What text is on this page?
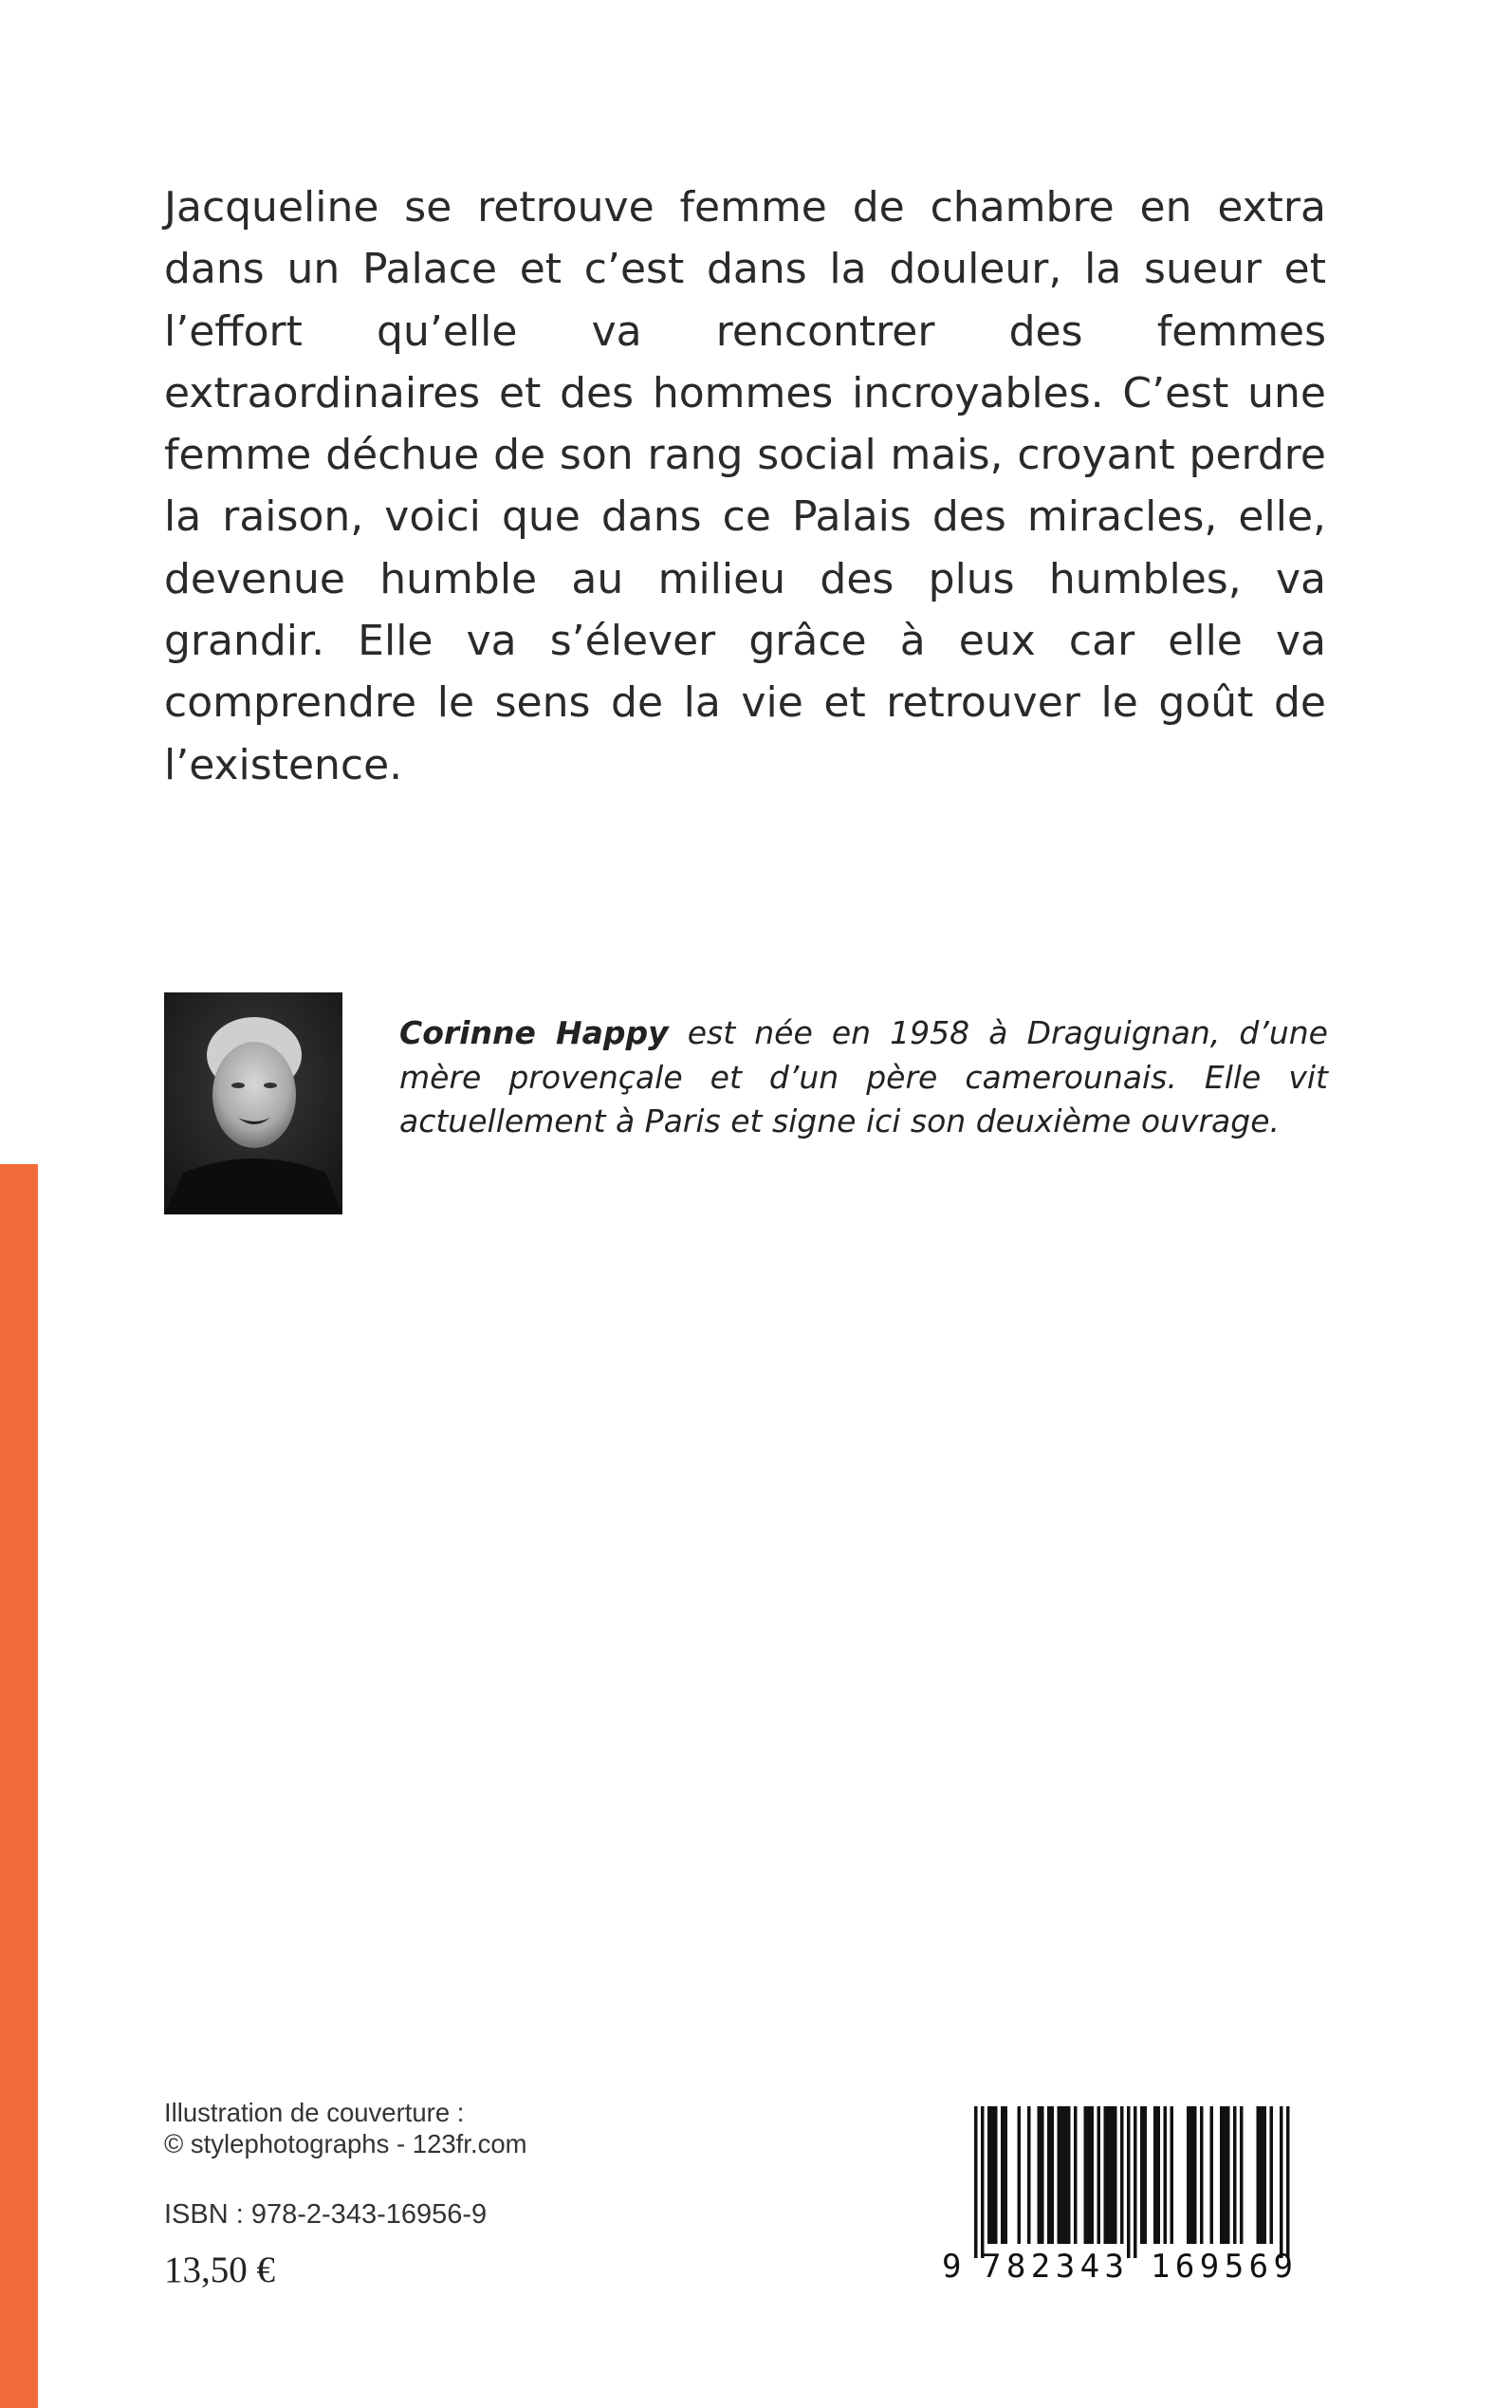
Jacqueline se retrouve femme de chambre en extra dans un Palace et c’est dans la douleur, la sueur et l’effort qu’elle va rencontrer des femmes extraordinaires et des hommes incroyables. C’est une femme déchue de son rang social mais, croyant perdre la raison, voici que dans ce Palais des miracles, elle, devenue humble au milieu des plus humbles, va grandir. Elle va s’élever grâce à eux car elle va comprendre le sens de la vie et retrouver le goût de l’existence.

Corinne Happy est née en 1958 à Draguignan, d’une mère provençale et d’un père camerounais. Elle vit actuellement à Paris et signe ici son deuxième ouvrage.

Illustration de couverture :
© stylephotographs - 123fr.com
ISBN : 978-2-343-16956-9
13,50 €	9 782343 169569
